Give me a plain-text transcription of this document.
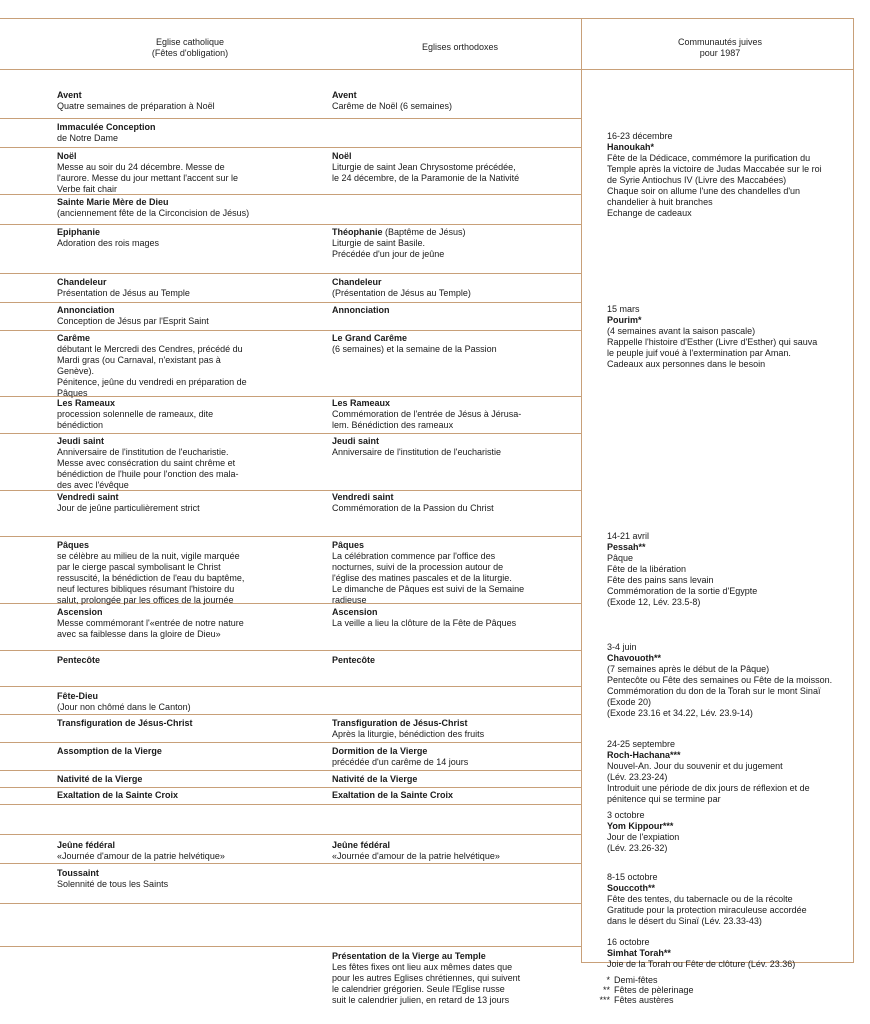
Eglise catholique
(Fêtes d'obligation)
Eglises orthodoxes	Communautés juives
pour 1987
Avent
Quatre semaines de préparation à Noël
Immaculée Conception
de Notre Dame
Noël
Messe au soir du 24 décembre. Messe de
l'aurore. Messe du jour mettant l'accent sur le
Verbe fait chair
Sainte Marie Mère de Dieu
(anciennement fête de la Circoncision de Jésus)
Epiphanie
Adoration des rois mages
Chandeleur
Présentation de Jésus au Temple
Annonciation
Conception de Jésus par l'Esprit Saint
Carême
débutant le Mercredi des Cendres, précédé du
Mardi gras (ou Carnaval, n'existant pas à
Genève).
Pénitence, jeûne du vendredi en préparation de
Pâques
Les Rameaux
procession solennelle de rameaux, dite
bénédiction
Jeudi saint
Anniversaire de l'institution de l'eucharistie.
Messe avec consécration du saint chrême et
bénédiction de l'huile pour l'onction des mala-
des avec l'évêque
Vendredi saint
Jour de jeûne particulièrement strict
Pâques
se célèbre au milieu de la nuit, vigile marquée
par le cierge pascal symbolisant le Christ
ressuscité, la bénédiction de l'eau du baptême,
neuf lectures bibliques résumant l'histoire du
salut, prolongée par les offices de la journée
Ascension
Messe commémorant l'«entrée de notre nature
avec sa faiblesse dans la gloire de Dieu»
Pentecôte
Fête-Dieu
(Jour non chômé dans le Canton)
Transfiguration de Jésus-Christ
Assomption de la Vierge
Nativité de la Vierge
Exaltation de la Sainte Croix
Jeûne fédéral
«Journée d'amour de la patrie helvétique»
Toussaint
Solennité de tous les Saints
Avent
Carême de Noël (6 semaines)
Noël
Liturgie de saint Jean Chrysostome précédée,
le 24 décembre, de la Paramonie de la Nativité
Théophanie (Baptême de Jésus)
Liturgie de saint Basile.
Précédée d'un jour de jeûne
Chandeleur
(Présentation de Jésus au Temple)
Annonciation
Le Grand Carême
(6 semaines) et la semaine de la Passion
Les Rameaux
Commémoration de l'entrée de Jésus à Jérusa-
lem. Bénédiction des rameaux
Jeudi saint
Anniversaire de l'institution de l'eucharistie
Vendredi saint
Commémoration de la Passion du Christ
Pâques
La célébration commence par l'office des
nocturnes, suivi de la procession autour de
l'église des matines pascales et de la liturgie.
Le dimanche de Pâques est suivi de la Semaine
radieuse
Ascension
La veille a lieu la clôture de la Fête de Pâques
Pentecôte
Transfiguration de Jésus-Christ
Après la liturgie, bénédiction des fruits
Dormition de la Vierge
précédée d'un carême de 14 jours
Nativité de la Vierge
Exaltation de la Sainte Croix
Jeûne fédéral
«Journée d'amour de la patrie helvétique»
Présentation de la Vierge au Temple
Les fêtes fixes ont lieu aux mêmes dates que
pour les autres Eglises chrétiennes, qui suivent
le calendrier grégorien. Seule l'Eglise russe
suit le calendrier julien, en retard de 13 jours
16-23 décembre
Hanoukah*
Fête de la Dédicace, commémore la purification du
Temple après la victoire de Judas Maccabée sur le roi
de Syrie Antiochus IV (Livre des Maccabées)
Chaque soir on allume l'une des chandelles d'un
chandelier à huit branches
Echange de cadeaux
15 mars
Pourim*
(4 semaines avant la saison pascale)
Rappelle l'histoire d'Esther (Livre d'Esther) qui sauva
le peuple juif voué à l'extermination par Aman.
Cadeaux aux personnes dans le besoin
14-21 avril
Pessah**
Pâque
Fête de la libération
Fête des pains sans levain
Commémoration de la sortie d'Egypte
(Exode 12, Lév. 23.5-8)
3-4 juin
Chavouoth**
(7 semaines après le début de la Pâque)
Pentecôte ou Fête des semaines ou Fête de la moisson.
Commémoration du don de la Torah sur le mont Sinaï
(Exode 20)
(Exode 23.16 et 34.22, Lév. 23.9-14)
24-25 septembre
Roch-Hachana***
Nouvel-An. Jour du souvenir et du jugement
(Lév. 23.23-24)
Introduit une période de dix jours de réflexion et de
pénitence qui se termine par
3 octobre
Yom Kippour***
Jour de l'expiation
(Lév. 23.26-32)
8-15 octobre
Souccoth**
Fête des tentes, du tabernacle ou de la récolte
Gratitude pour la protection miraculeuse accordée
dans le désert du Sinaï (Lév. 23.33-43)
16 octobre
Simhat Torah**
Joie de la Torah ou Fête de clôture (Lév. 23.36)
* Demi-fêtes
** Fêtes de pèlerinage
*** Fêtes austères
